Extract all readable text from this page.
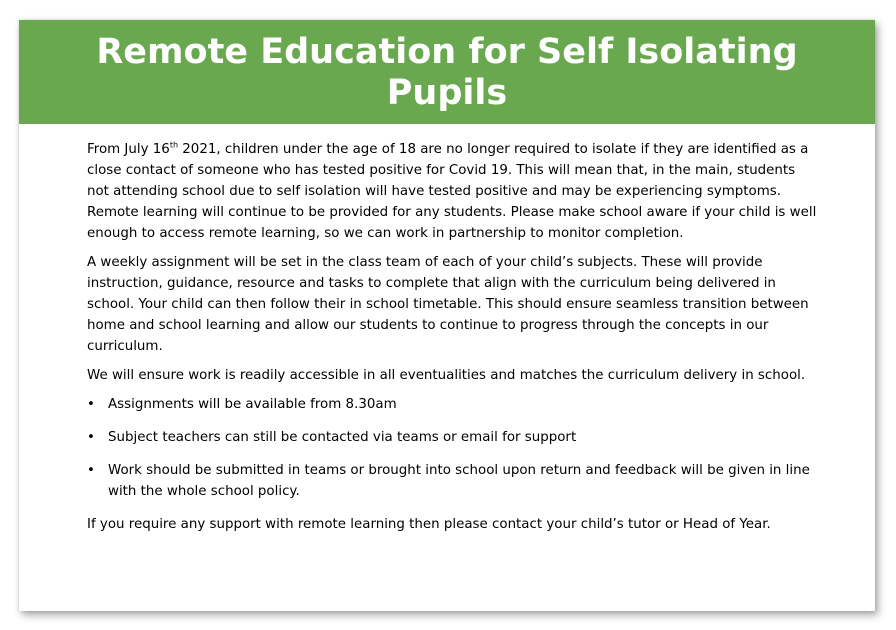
Remote Education for Self Isolating
Pupils

From July 16th 2021, children under the age of 18 are no longer required to isolate if they are identified as a close contact of someone who has tested positive for Covid 19. This will mean that, in the main, students not attending school due to self isolation will have tested positive and may be experiencing symptoms. Remote learning will continue to be provided for any students. Please make school aware if your child is well enough to access remote learning, so we can work in partnership to monitor completion.

A weekly assignment will be set in the class team of each of your child’s subjects. These will provide instruction, guidance, resource and tasks to complete that align with the curriculum being delivered in school. Your child can then follow their in school timetable. This should ensure seamless transition between home and school learning and allow our students to continue to progress through the concepts in our curriculum.

We will ensure work is readily accessible in all eventualities and matches the curriculum delivery in school.

• Assignments will be available from 8.30am
• Subject teachers can still be contacted via teams or email for support
• Work should be submitted in teams or brought into school upon return and feedback will be given in line with the whole school policy.

If you require any support with remote learning then please contact your child’s tutor or Head of Year.
